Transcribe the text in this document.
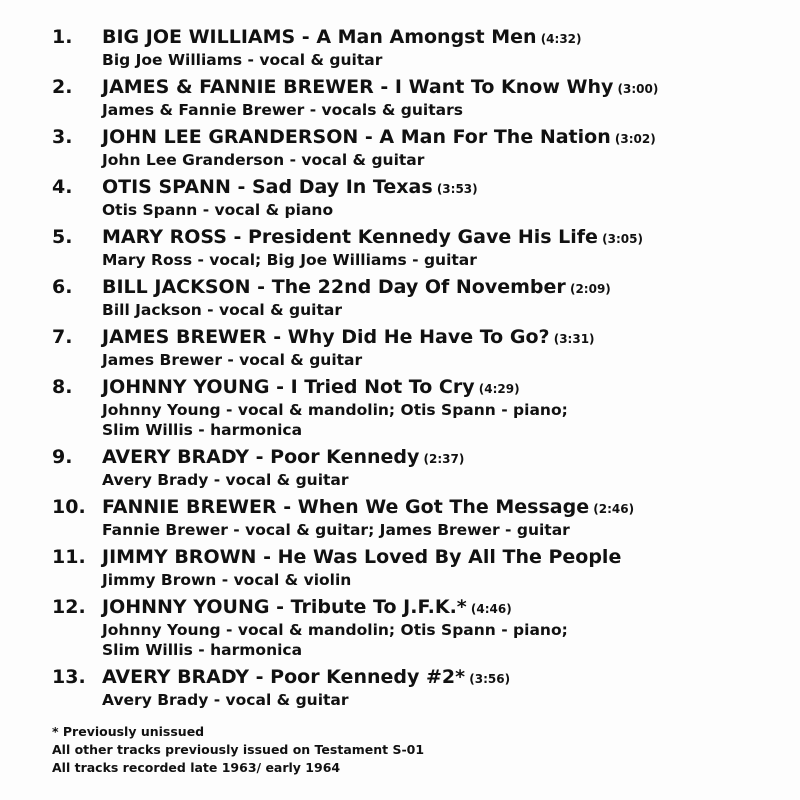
1. BIG JOE WILLIAMS - A Man Amongst Men (4:32)
Big Joe Williams - vocal & guitar
2. JAMES & FANNIE BREWER - I Want To Know Why (3:00)
James & Fannie Brewer - vocals & guitars
3. JOHN LEE GRANDERSON - A Man For The Nation (3:02)
John Lee Granderson - vocal & guitar
4. OTIS SPANN - Sad Day In Texas (3:53)
Otis Spann - vocal & piano
5. MARY ROSS - President Kennedy Gave His Life (3:05)
Mary Ross - vocal; Big Joe Williams - guitar
6. BILL JACKSON - The 22nd Day Of November (2:09)
Bill Jackson - vocal & guitar
7. JAMES BREWER - Why Did He Have To Go? (3:31)
James Brewer - vocal & guitar
8. JOHNNY YOUNG - I Tried Not To Cry (4:29)
Johnny Young - vocal & mandolin; Otis Spann - piano;
Slim Willis - harmonica
9. AVERY BRADY - Poor Kennedy (2:37)
Avery Brady - vocal & guitar
10. FANNIE BREWER - When We Got The Message (2:46)
Fannie Brewer - vocal & guitar; James Brewer - guitar
11. JIMMY BROWN - He Was Loved By All The People
Jimmy Brown - vocal & violin
12. JOHNNY YOUNG - Tribute To J.F.K.* (4:46)
Johnny Young - vocal & mandolin; Otis Spann - piano;
Slim Willis - harmonica
13. AVERY BRADY - Poor Kennedy #2* (3:56)
Avery Brady - vocal & guitar
* Previously unissued
All other tracks previously issued on Testament S-01
All tracks recorded late 1963/ early 1964
